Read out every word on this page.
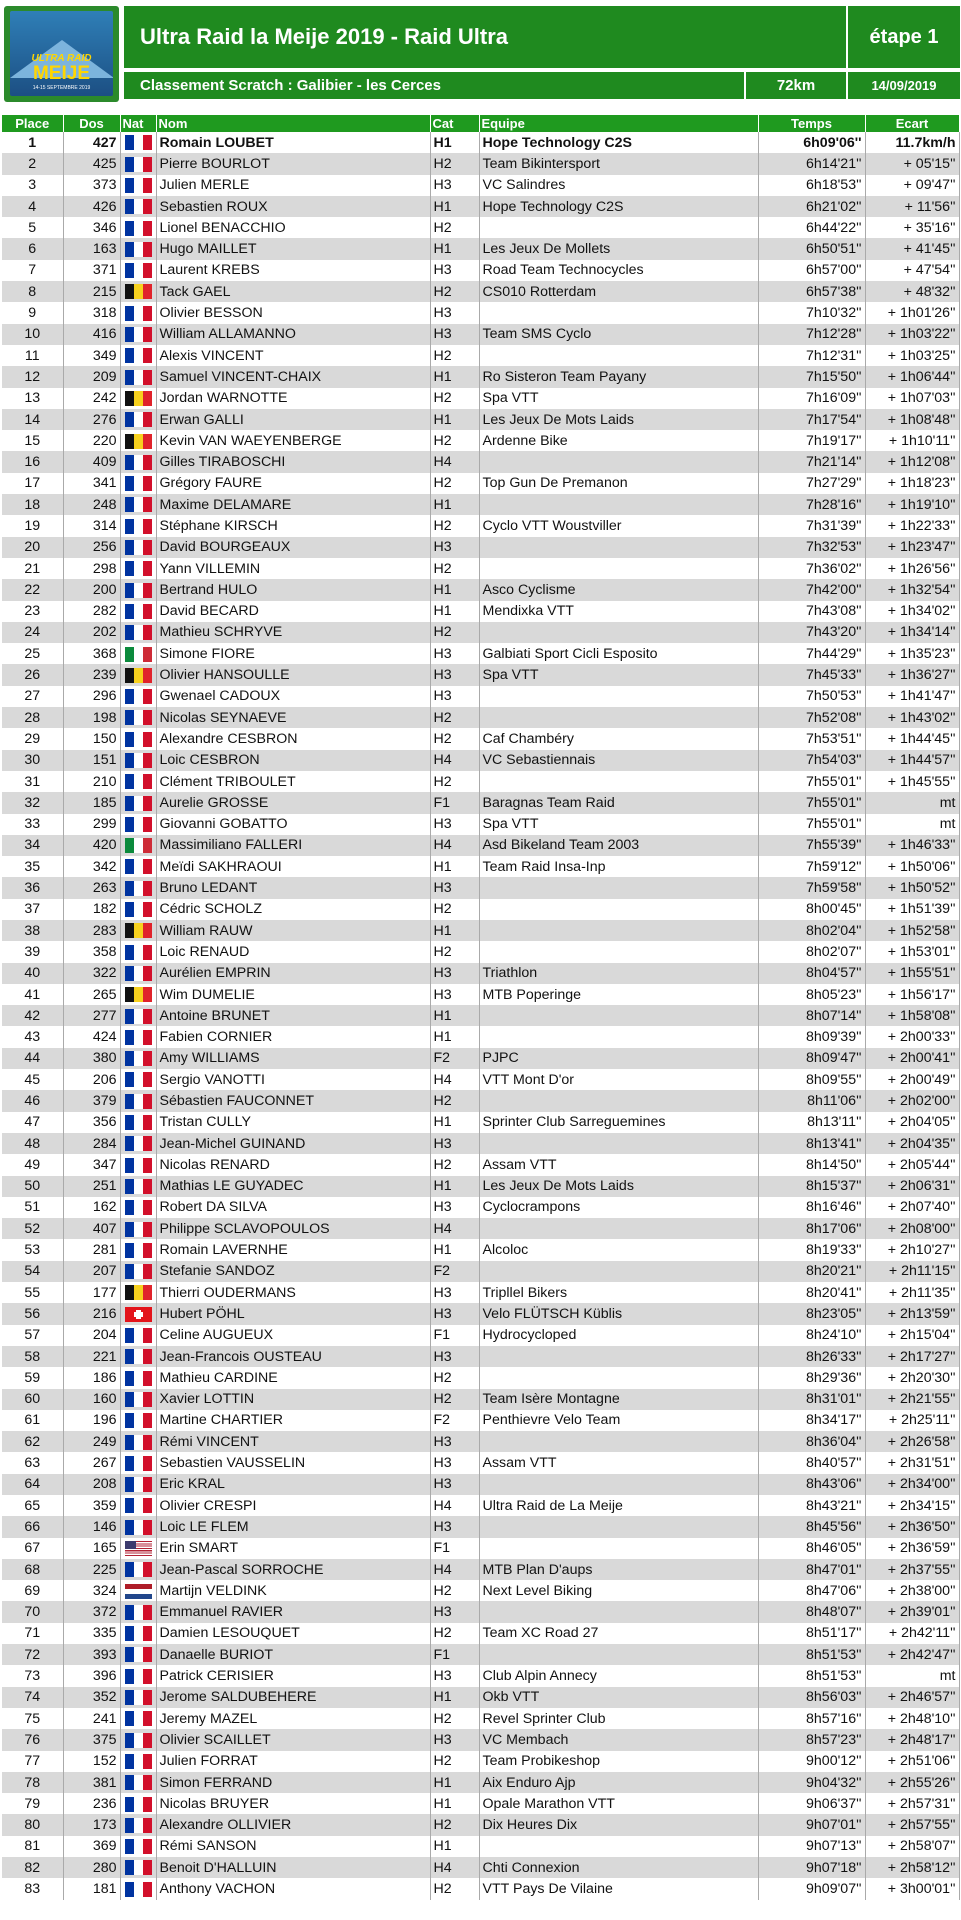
ULTRA RAID
MEIJE
14-15 SEPTEMBRE 2019
Ultra Raid la Meije 2019 - Raid Ultra	étape 1
Classement Scratch : Galibier - les Cerces	72km	14/09/2019
Place	Dos	Nat	Nom	Cat	Equipe	Temps	Ecart
1	427		Romain LOUBET	H1	Hope Technology C2S	6h09'06''	11.7km/h
2	425		Pierre BOURLOT	H2	Team Bikintersport	6h14'21''	+ 05'15''
3	373		Julien MERLE	H3	VC Salindres	6h18'53''	+ 09'47''
4	426		Sebastien ROUX	H1	Hope Technology C2S	6h21'02''	+ 11'56''
5	346		Lionel BENACCHIO	H2		6h44'22''	+ 35'16''
6	163		Hugo MAILLET	H1	Les Jeux De Mollets	6h50'51''	+ 41'45''
7	371		Laurent KREBS	H3	Road Team Technocycles	6h57'00''	+ 47'54''
8	215		Tack GAEL	H2	CS010 Rotterdam	6h57'38''	+ 48'32''
9	318		Olivier BESSON	H3		7h10'32''	+ 1h01'26''
10	416		William ALLAMANNO	H3	Team SMS Cyclo	7h12'28''	+ 1h03'22''
11	349		Alexis VINCENT	H2		7h12'31''	+ 1h03'25''
12	209		Samuel VINCENT-CHAIX	H1	Ro Sisteron Team Payany	7h15'50''	+ 1h06'44''
13	242		Jordan WARNOTTE	H2	Spa VTT	7h16'09''	+ 1h07'03''
14	276		Erwan GALLI	H1	Les Jeux De Mots Laids	7h17'54''	+ 1h08'48''
15	220		Kevin VAN WAEYENBERGE	H2	Ardenne Bike	7h19'17''	+ 1h10'11''
16	409		Gilles TIRABOSCHI	H4		7h21'14''	+ 1h12'08''
17	341		Grégory FAURE	H2	Top Gun De Premanon	7h27'29''	+ 1h18'23''
18	248		Maxime DELAMARE	H1		7h28'16''	+ 1h19'10''
19	314		Stéphane KIRSCH	H2	Cyclo VTT Woustviller	7h31'39''	+ 1h22'33''
20	256		David BOURGEAUX	H3		7h32'53''	+ 1h23'47''
21	298		Yann VILLEMIN	H2		7h36'02''	+ 1h26'56''
22	200		Bertrand HULO	H1	Asco Cyclisme	7h42'00''	+ 1h32'54''
23	282		David BECARD	H1	Mendixka VTT	7h43'08''	+ 1h34'02''
24	202		Mathieu SCHRYVE	H2		7h43'20''	+ 1h34'14''
25	368		Simone FIORE	H3	Galbiati Sport Cicli Esposito	7h44'29''	+ 1h35'23''
26	239		Olivier HANSOULLE	H3	Spa VTT	7h45'33''	+ 1h36'27''
27	296		Gwenael CADOUX	H3		7h50'53''	+ 1h41'47''
28	198		Nicolas SEYNAEVE	H2		7h52'08''	+ 1h43'02''
29	150		Alexandre CESBRON	H2	Caf Chambéry	7h53'51''	+ 1h44'45''
30	151		Loic CESBRON	H4	VC Sebastiennais	7h54'03''	+ 1h44'57''
31	210		Clément TRIBOULET	H2		7h55'01''	+ 1h45'55''
32	185		Aurelie GROSSE	F1	Baragnas Team Raid	7h55'01''	mt
33	299		Giovanni GOBATTO	H3	Spa VTT	7h55'01''	mt
34	420		Massimiliano FALLERI	H4	Asd Bikeland Team 2003	7h55'39''	+ 1h46'33''
35	342		Meïdi SAKHRAOUI	H1	Team Raid Insa-Inp	7h59'12''	+ 1h50'06''
36	263		Bruno LEDANT	H3		7h59'58''	+ 1h50'52''
37	182		Cédric SCHOLZ	H2		8h00'45''	+ 1h51'39''
38	283		William RAUW	H1		8h02'04''	+ 1h52'58''
39	358		Loic RENAUD	H2		8h02'07''	+ 1h53'01''
40	322		Aurélien EMPRIN	H3	Triathlon	8h04'57''	+ 1h55'51''
41	265		Wim DUMELIE	H3	MTB Poperinge	8h05'23''	+ 1h56'17''
42	277		Antoine BRUNET	H1		8h07'14''	+ 1h58'08''
43	424		Fabien CORNIER	H1		8h09'39''	+ 2h00'33''
44	380		Amy WILLIAMS	F2	PJPC	8h09'47''	+ 2h00'41''
45	206		Sergio VANOTTI	H4	VTT Mont D'or	8h09'55''	+ 2h00'49''
46	379		Sébastien FAUCONNET	H2		8h11'06''	+ 2h02'00''
47	356		Tristan CULLY	H1	Sprinter Club Sarreguemines	8h13'11''	+ 2h04'05''
48	284		Jean-Michel GUINAND	H3		8h13'41''	+ 2h04'35''
49	347		Nicolas RENARD	H2	Assam VTT	8h14'50''	+ 2h05'44''
50	251		Mathias LE GUYADEC	H1	Les Jeux De Mots Laids	8h15'37''	+ 2h06'31''
51	162		Robert DA SILVA	H3	Cyclocrampons	8h16'46''	+ 2h07'40''
52	407		Philippe SCLAVOPOULOS	H4		8h17'06''	+ 2h08'00''
53	281		Romain LAVERNHE	H1	Alcoloc	8h19'33''	+ 2h10'27''
54	207		Stefanie SANDOZ	F2		8h20'21''	+ 2h11'15''
55	177		Thierri OUDERMANS	H3	Tripllel Bikers	8h20'41''	+ 2h11'35''
56	216		Hubert PÖHL	H3	Velo FLÜTSCH Küblis	8h23'05''	+ 2h13'59''
57	204		Celine AUGUEUX	F1	Hydrocycloped	8h24'10''	+ 2h15'04''
58	221		Jean-Francois OUSTEAU	H3		8h26'33''	+ 2h17'27''
59	186		Mathieu CARDINE	H2		8h29'36''	+ 2h20'30''
60	160		Xavier LOTTIN	H2	Team Isère Montagne	8h31'01''	+ 2h21'55''
61	196		Martine CHARTIER	F2	Penthievre Velo Team	8h34'17''	+ 2h25'11''
62	249		Rémi VINCENT	H3		8h36'04''	+ 2h26'58''
63	267		Sebastien VAUSSELIN	H3	Assam VTT	8h40'57''	+ 2h31'51''
64	208		Eric KRAL	H3		8h43'06''	+ 2h34'00''
65	359		Olivier CRESPI	H4	Ultra Raid de La Meije	8h43'21''	+ 2h34'15''
66	146		Loic LE FLEM	H3		8h45'56''	+ 2h36'50''
67	165		Erin SMART	F1		8h46'05''	+ 2h36'59''
68	225		Jean-Pascal SORROCHE	H4	MTB Plan D'aups	8h47'01''	+ 2h37'55''
69	324		Martijn VELDINK	H2	Next Level Biking	8h47'06''	+ 2h38'00''
70	372		Emmanuel RAVIER	H3		8h48'07''	+ 2h39'01''
71	335		Damien LESOUQUET	H2	Team XC Road 27	8h51'17''	+ 2h42'11''
72	393		Danaelle BURIOT	F1		8h51'53''	+ 2h42'47''
73	396		Patrick CERISIER	H3	Club Alpin Annecy	8h51'53''	mt
74	352		Jerome SALDUBEHERE	H1	Okb VTT	8h56'03''	+ 2h46'57''
75	241		Jeremy MAZEL	H2	Revel Sprinter Club	8h57'16''	+ 2h48'10''
76	375		Olivier SCAILLET	H3	VC Membach	8h57'23''	+ 2h48'17''
77	152		Julien FORRAT	H2	Team Probikeshop	9h00'12''	+ 2h51'06''
78	381		Simon FERRAND	H1	Aix Enduro Ajp	9h04'32''	+ 2h55'26''
79	236		Nicolas BRUYER	H1	Opale Marathon VTT	9h06'37''	+ 2h57'31''
80	173		Alexandre OLLIVIER	H2	Dix Heures Dix	9h07'01''	+ 2h57'55''
81	369		Rémi SANSON	H1		9h07'13''	+ 2h58'07''
82	280		Benoit D'HALLUIN	H4	Chti Connexion	9h07'18''	+ 2h58'12''
83	181		Anthony VACHON	H2	VTT Pays De Vilaine	9h09'07''	+ 3h00'01''
